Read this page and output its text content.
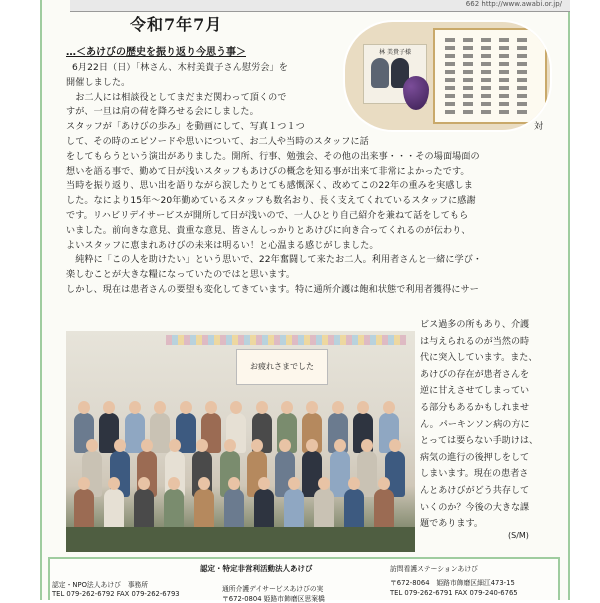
662 http://www.awabi.or.jp/
令和7年7月
林 美貴子様
…＜あけびの歴史を振り返り今思う事＞
6月22日（日）「林さん、木村美貴子さん慰労会」を
開催しました。
　お二人には相談役としてまだまだ関わって頂くので
すが、一旦は肩の荷を降ろせる会にしました。
スタッフが「あけびの歩み」を動画にして、写真１つ１つ	対
して、その時のエピソードや思いについて、お二人や当時のスタッフに話
をしてもらうという演出がありました。開所、行事、勉強会、その他の出来事・・・その場面場面の
想いを語る事で、勤めて日が浅いスタッフもあけびの概念を知る事が出来て非常によかったです。
当時を振り返り、思い出を語りながら涙したりとても感慨深く、改めてこの22年の重みを実感しま
した。なにより15年～20年勤めているスタッフも数名おり、長く支えてくれているスタッフに感謝
です。リハビリデイサービスが開所して日が浅いので、一人ひとり自己紹介を兼ねて話をしてもら
いました。前向きな意見、貴重な意見、皆さんしっかりとあけびに向き合ってくれるのが伝わり、
よいスタッフに恵まれあけびの未来は明るい！と心温まる感じがしました。
　純粋に「この人を助けたい」という思いで、22年奮闘して来たお二人。利用者さんと一緒に学び・
楽しむことが大きな糧になっていたのではと思います。
しかし、現在は患者さんの要望も変化してきています。特に通所介護は飽和状態で利用者獲得にサー
お疲れさまでした
ビス過多の所もあり、介護
は与えられるのが当然の時
代に突入しています。また、
あけびの存在が患者さんを
逆に甘えさせてしまってい
る部分もあるかもしれませ
ん。パーキンソン病の方に
とっては要らない手助けは、
病気の進行の後押しをして
しまいます。現在の患者さ
んとあけびがどう共存して
いくのか？今後の大きな課
題であります。
(S/M)
認定・特定非営利活動法人あけび
認定・NPO法人あけび　事務所
TEL 079-262-6792 FAX 079-262-6793
通所介護デイサービスあけびの実
〒672-0804 姫路市飾磨区思案橋
訪問看護ステーションあけび
〒672-8064　姫路市飾磨区細江473-15
TEL 079-262-6791 FAX 079-240-6765
